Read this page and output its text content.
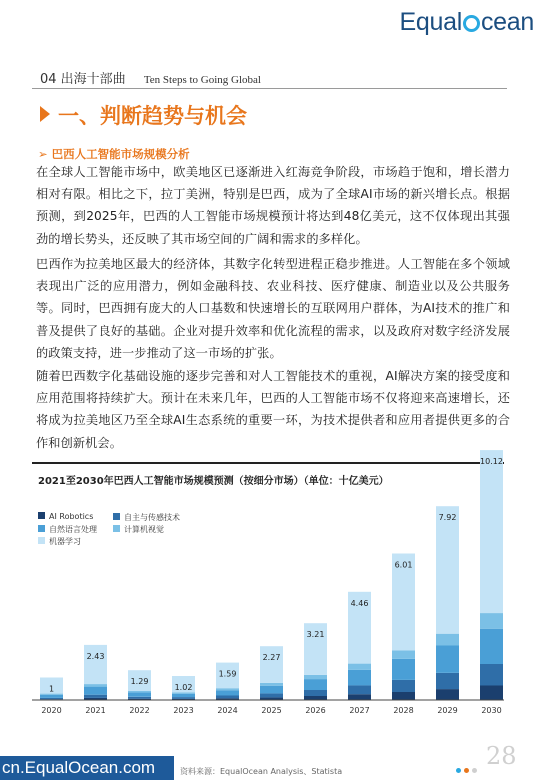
Equal cean
04 出海十部曲 Ten Steps to Going Global
一、判断趋势与机会
➢ 巴西人工智能市场规模分析

在全球人工智能市场中，欧美地区已逐渐进入红海竞争阶段，市场趋于饱和，增长潜力相对有限。相比之下，拉丁美洲，特别是巴西，成为了全球AI市场的新兴增长点。根据预测，到2025年，巴西的人工智能市场规模预计将达到48亿美元，这不仅体现出其强劲的增长势头，还反映了其市场空间的广阔和需求的多样化。

巴西作为拉美地区最大的经济体，其数字化转型进程正稳步推进。人工智能在多个领域表现出广泛的应用潜力，例如金融科技、农业科技、医疗健康、制造业以及公共服务等。同时，巴西拥有庞大的人口基数和快速增长的互联网用户群体，为AI技术的推广和普及提供了良好的基础。企业对提升效率和优化流程的需求，以及政府对数字经济发展的政策支持，进一步推动了这一市场的扩张。

随着巴西数字化基础设施的逐步完善和对人工智能技术的重视，AI解决方案的接受度和应用范围将持续扩大。预计在未来几年，巴西的人工智能市场不仅将迎来高速增长，还将成为拉美地区乃至全球AI生态系统的重要一环，为技术提供者和应用者提供更多的合作和创新机会。

2021至2030年巴西人工智能市场规模预测（按细分市场）（单位：十亿美元）
AI Robotics	自主与传感技术
自然语言处理	计算机视觉
机器学习
1
2020
2.43
2021
1.29
2022
1.02
2023
1.59
2024
2.27
2025
3.21
2026
4.46
2027
6.01
2028
7.92
2029
10.12
2030
cn.EqualOcean.com	资料来源：EqualOcean Analysis、Statista
28
